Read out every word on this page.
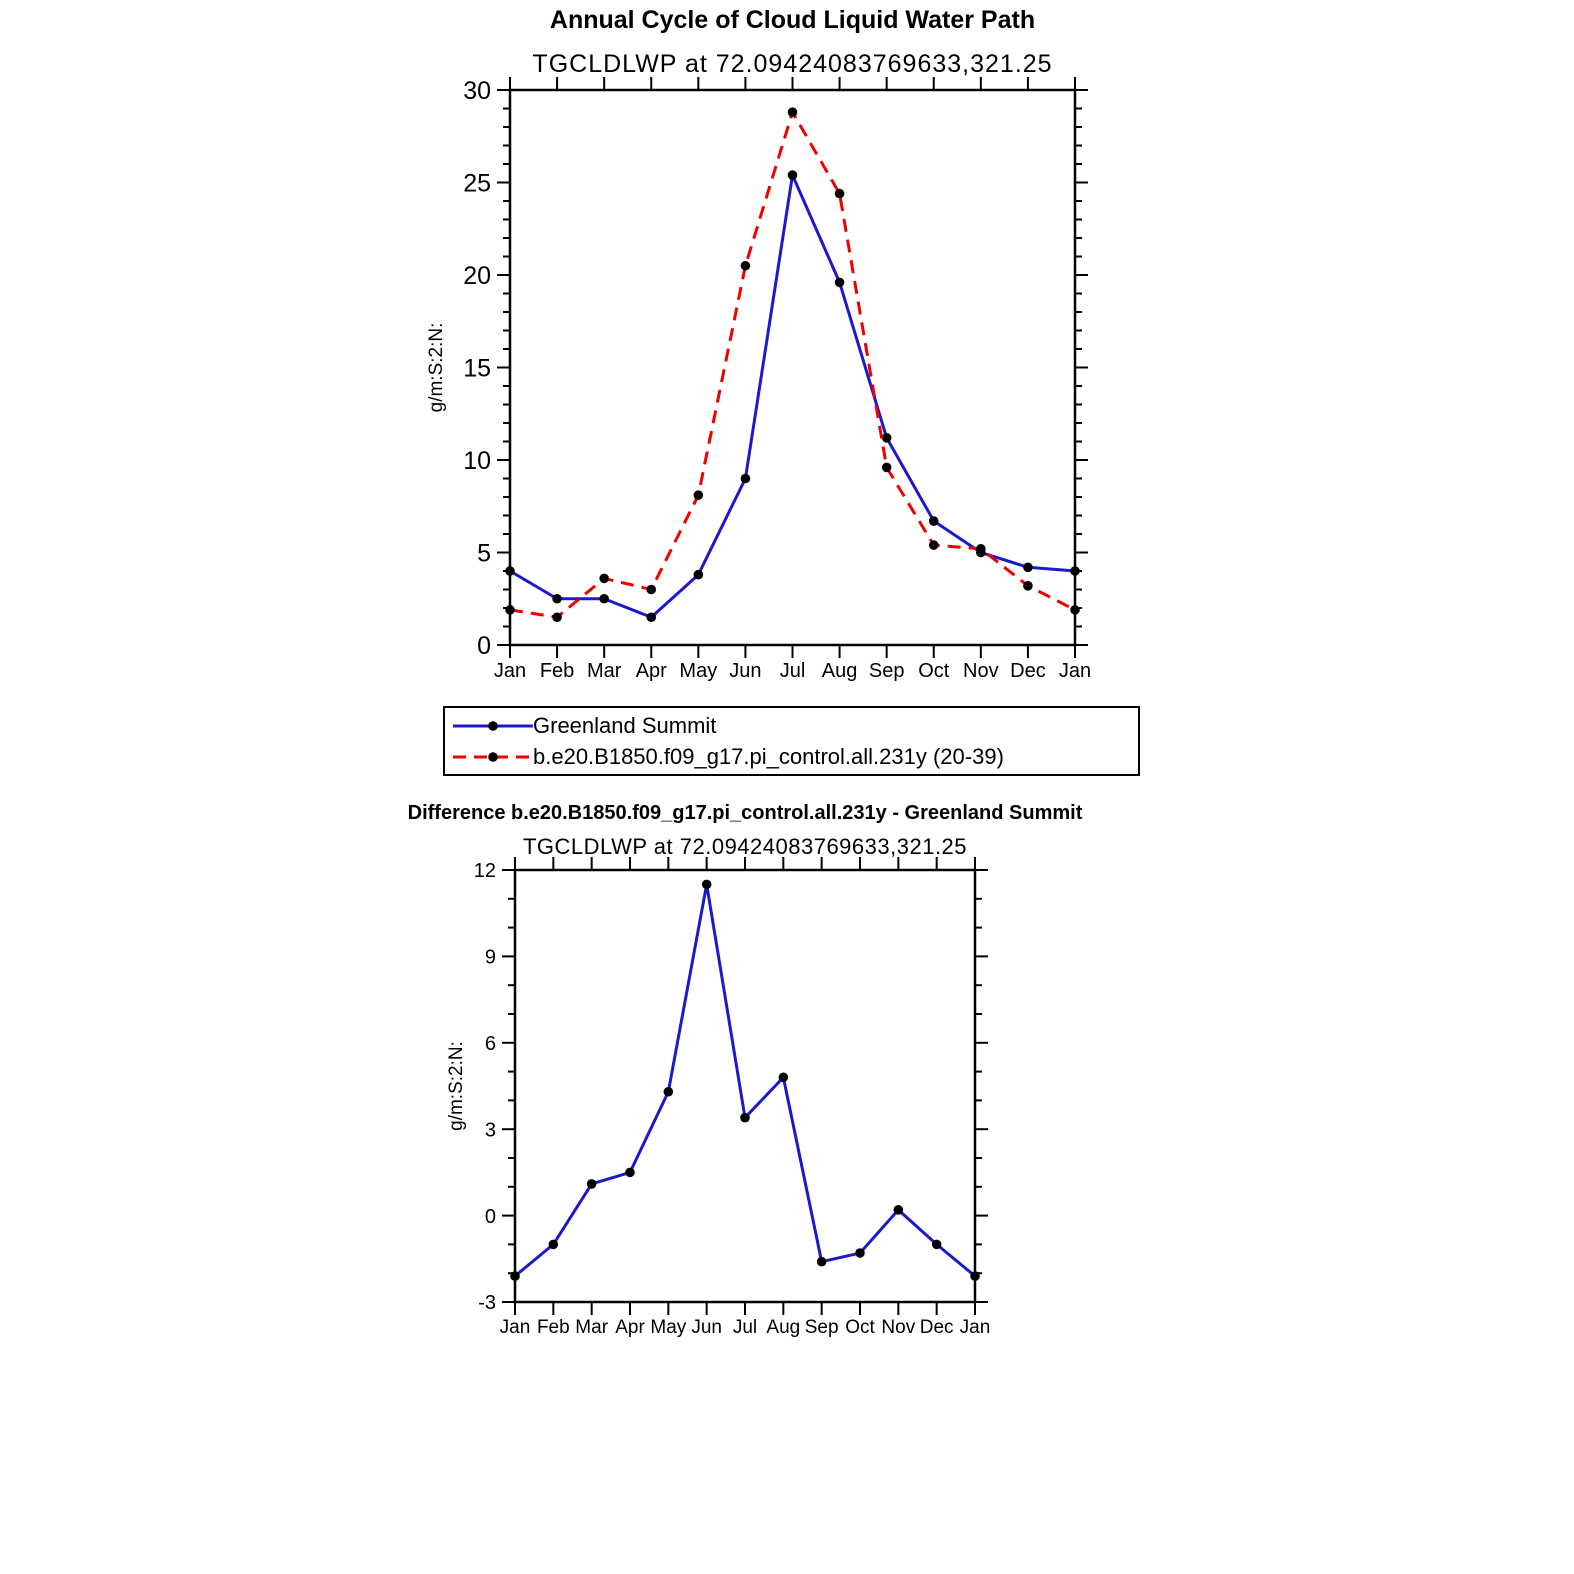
Annual Cycle of Cloud Liquid Water Path
TGCLDLWP at 72.09424083769633,321.25
0
5
10
15
20
25
30
Jan Feb Mar Apr May Jun Jul Aug Sep Oct Nov Dec Jan
g/m:S:2:N:
Greenland Summit
b.e20.B1850.f09_g17.pi_control.all.231y (20-39)
Difference b.e20.B1850.f09_g17.pi_control.all.231y - Greenland Summit
TGCLDLWP at 72.09424083769633,321.25
-3
0
3
6
9
12
Jan Feb Mar Apr May Jun Jul Aug Sep Oct Nov Dec Jan
g/m:S:2:N:
